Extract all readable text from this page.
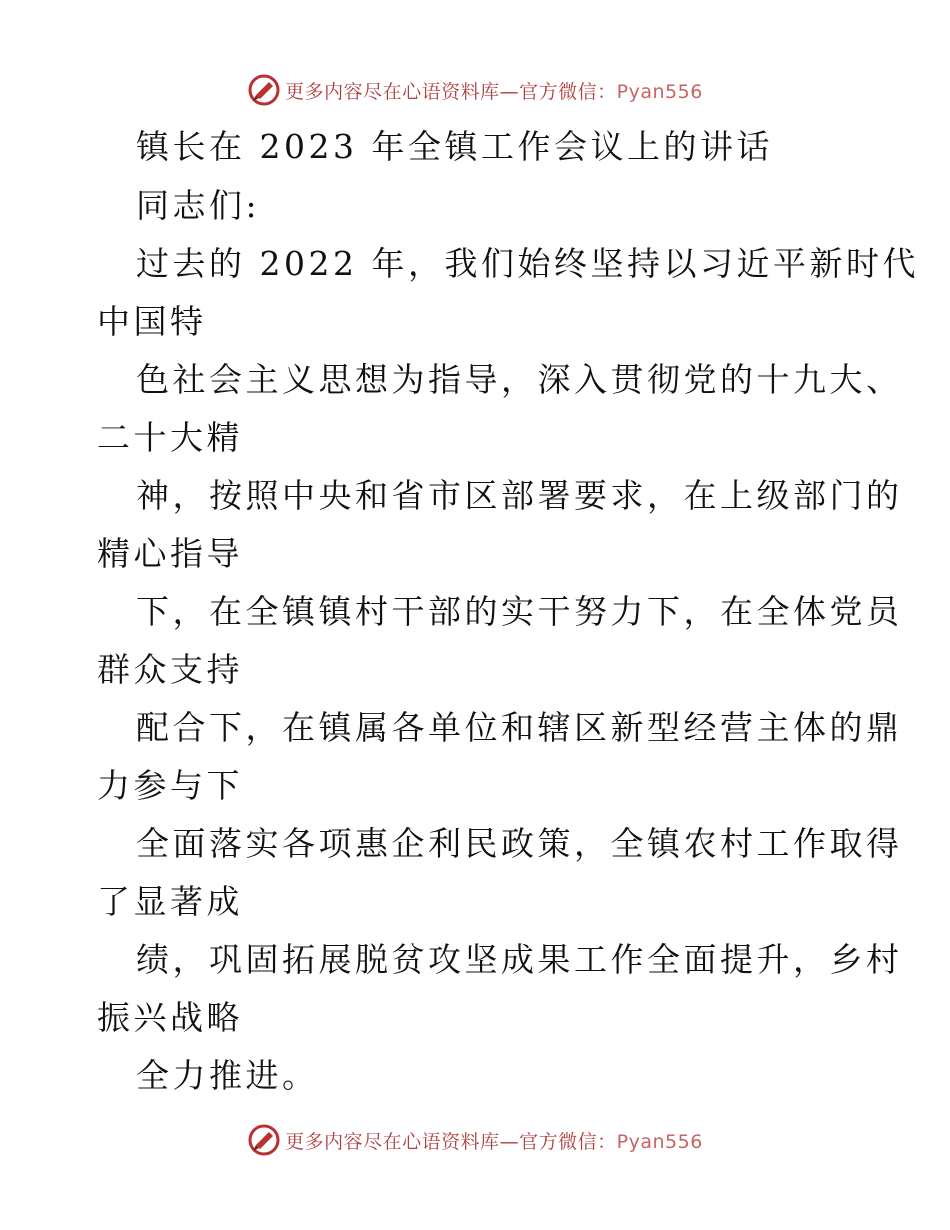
更多内容尽在心语资料库—官方微信：Pyan556
镇长在 2023 年全镇工作会议上的讲话
同志们:
过去的 2022 年，我们始终坚持以习近平新时代
中国特
色社会主义思想为指导，深入贯彻党的十九大、
二十大精
神，按照中央和省市区部署要求，在上级部门的
精心指导
下，在全镇镇村干部的实干努力下，在全体党员
群众支持
配合下，在镇属各单位和辖区新型经营主体的鼎
力参与下
全面落实各项惠企利民政策，全镇农村工作取得
了显著成
绩，巩固拓展脱贫攻坚成果工作全面提升，乡村
振兴战略
全力推进。
更多内容尽在心语资料库—官方微信：Pyan556
